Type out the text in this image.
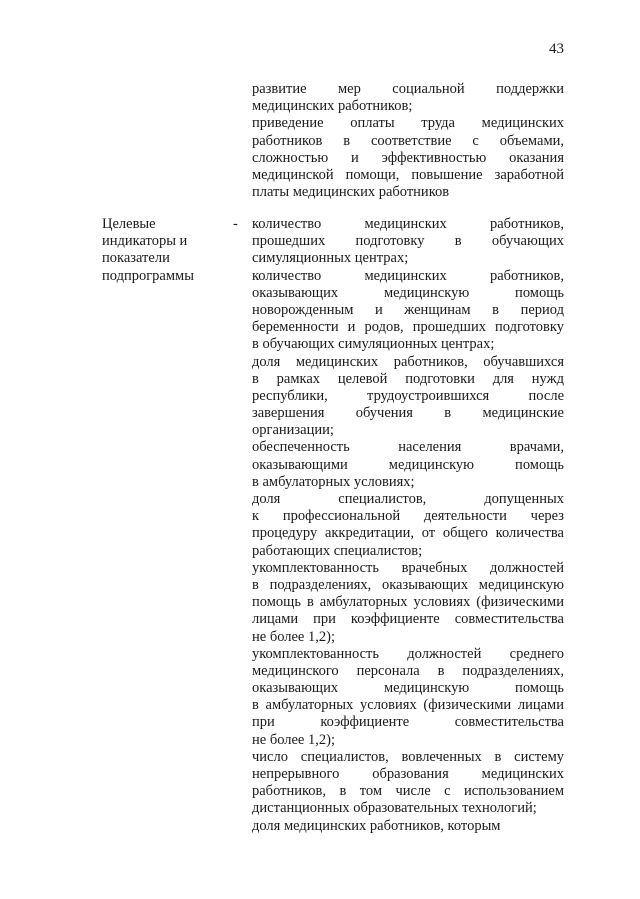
43
развитие мер социальной поддержки
медицинских работников;
приведение оплаты труда медицинских
работников в соответствие с объемами,
сложностью и эффективностью оказания
медицинской помощи, повышение заработной
платы медицинских работников
Целевые
индикаторы и
показатели
подпрограммы
- количество медицинских работников,
прошедших подготовку в обучающих
симуляционных центрах;
количество медицинских работников,
оказывающих медицинскую помощь
новорожденным и женщинам в период
беременности и родов, прошедших подготовку
в обучающих симуляционных центрах;
доля медицинских работников, обучавшихся
в рамках целевой подготовки для нужд
республики, трудоустроившихся после
завершения обучения в медицинские
организации;
обеспеченность населения врачами,
оказывающими медицинскую помощь
в амбулаторных условиях;
доля специалистов, допущенных
к профессиональной деятельности через
процедуру аккредитации, от общего количества
работающих специалистов;
укомплектованность врачебных должностей
в подразделениях, оказывающих медицинскую
помощь в амбулаторных условиях (физическими
лицами при коэффициенте совместительства
не более 1,2);
укомплектованность должностей среднего
медицинского персонала в подразделениях,
оказывающих медицинскую помощь
в амбулаторных условиях (физическими лицами
при коэффициенте совместительства
не более 1,2);
число специалистов, вовлеченных в систему
непрерывного образования медицинских
работников, в том числе с использованием
дистанционных образовательных технологий;
доля медицинских работников, которым
